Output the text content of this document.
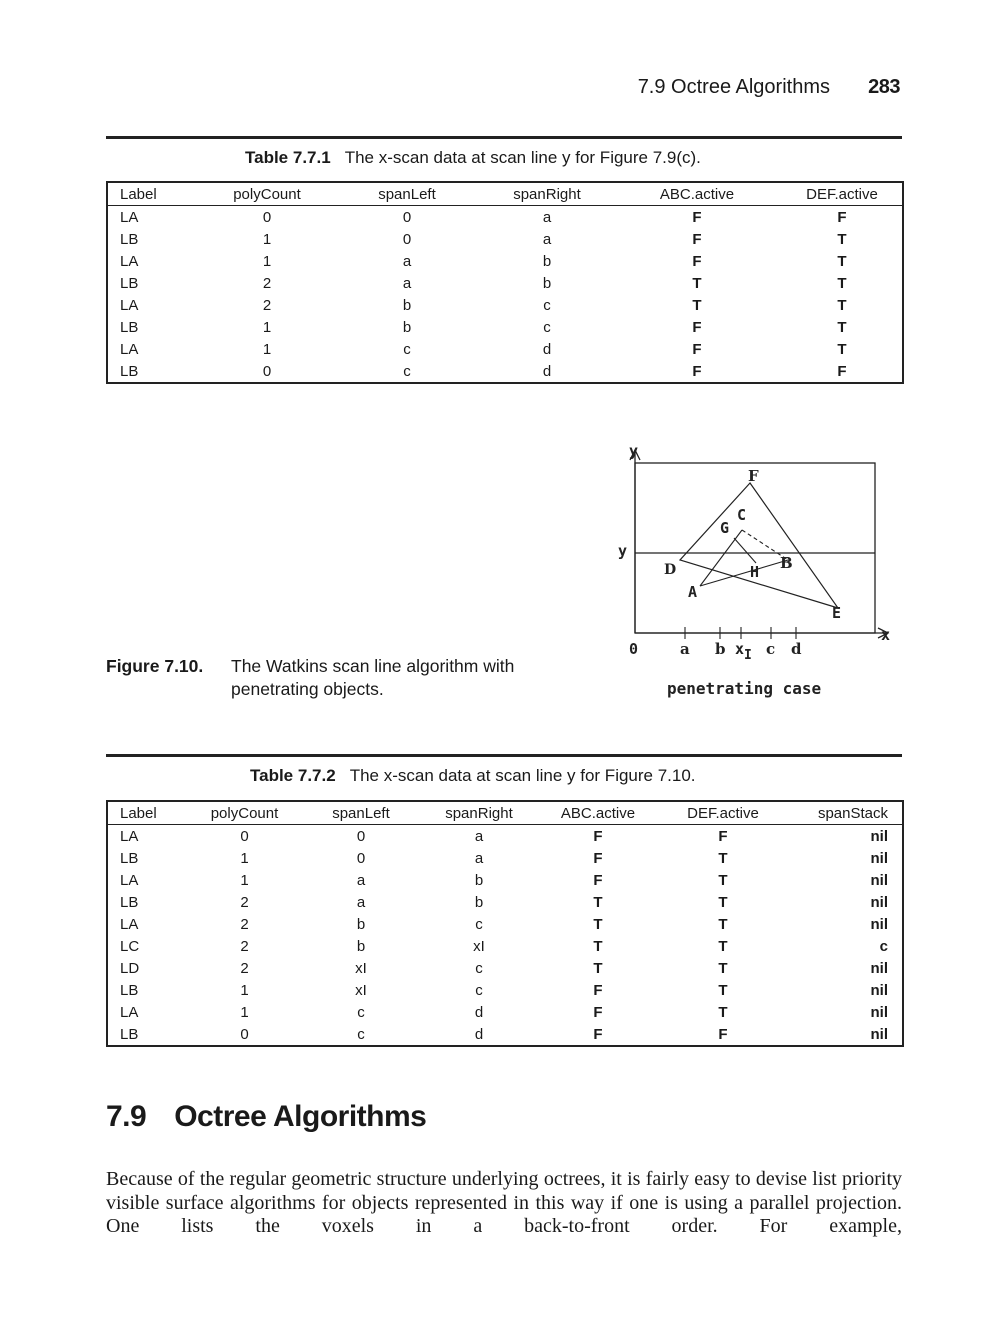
7.9 Octree Algorithms 283
Table 7.7.1 The x-scan data at scan line y for Figure 7.9(c).
Label	polyCount	spanLeft	spanRight	ABC.active	DEF.active
LA	0	0	a	F	F
LB	1	0	a	F	T
LA	1	a	b	F	T
LB	2	a	b	T	T
LA	2	b	c	T	T
LB	1	b	c	F	T
LA	1	c	d	F	T
LB	0	c	d	F	F
Figure 7.10. The Watkins scan line algorithm with
penetrating objects.
y
y
x
0
F
C
G
D	H B
A
E
a b xI c d
penetrating case
Table 7.7.2 The x-scan data at scan line y for Figure 7.10.
Label	polyCount	spanLeft	spanRight	ABC.active	DEF.active	spanStack
LA	0	0	a	F	F	nil
LB	1	0	a	F	T	nil
LA	1	a	b	F	T	nil
LB	2	a	b	T	T	nil
LA	2	b	c	T	T	nil
LC	2	b	xI	T	T	c
LD	2	xI	c	T	T	nil
LB	1	xI	c	F	T	nil
LA	1	c	d	F	T	nil
LB	0	c	d	F	F	nil
7.9 Octree Algorithms
Because of the regular geometric structure underlying octrees, it is fairly easy to devise list priority visible surface algorithms for objects represented in this way if one is using a parallel projection. One lists the voxels in a back-to-front order. For example,
